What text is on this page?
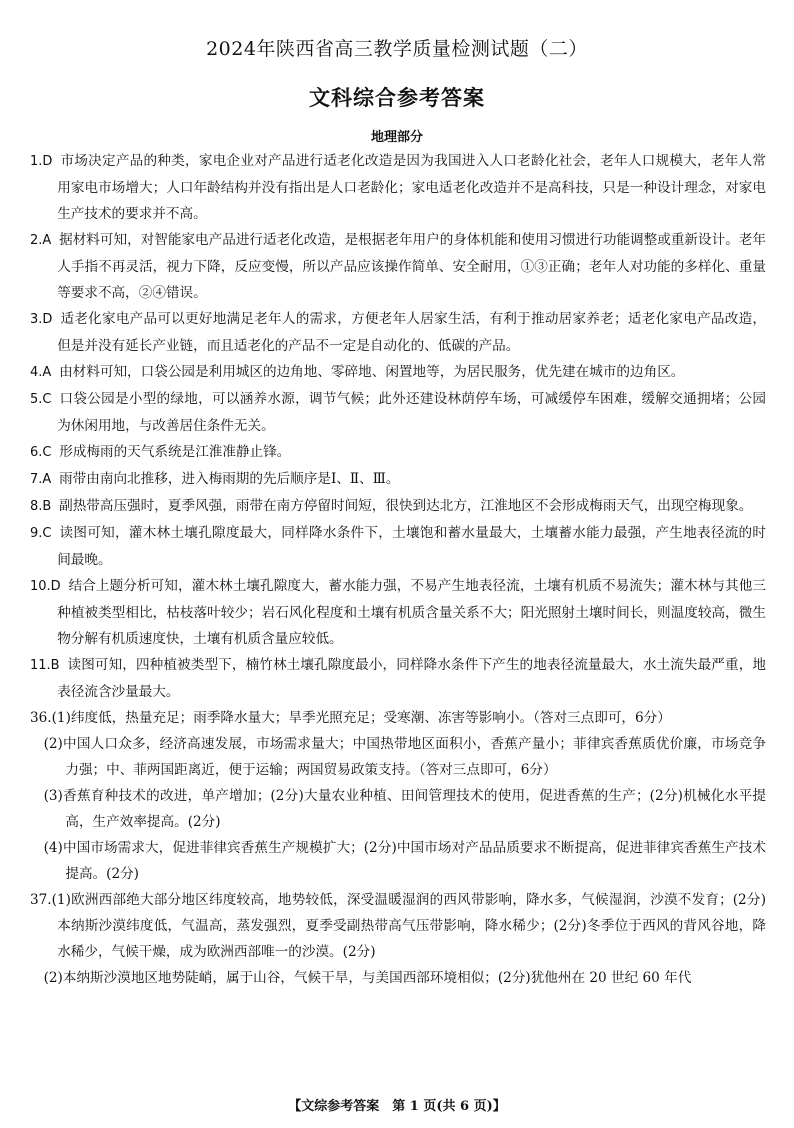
2024年陕西省高三教学质量检测试题（二）
文科综合参考答案
地理部分

1.D 市场决定产品的种类，家电企业对产品进行适老化改造是因为我国进入人口老龄化社会，老年人口规模大，老年人常用家电市场增大；人口年龄结构并没有指出是人口老龄化；家电适老化改造并不是高科技，只是一种设计理念，对家电生产技术的要求并不高。

2.A 据材料可知，对智能家电产品进行适老化改造，是根据老年用户的身体机能和使用习惯进行功能调整或重新设计。老年人手指不再灵活，视力下降，反应变慢，所以产品应该操作简单、安全耐用，①③正确；老年人对功能的多样化、重量等要求不高，②④错误。

3.D 适老化家电产品可以更好地满足老年人的需求，方便老年人居家生活，有利于推动居家养老；适老化家电产品改造，但是并没有延长产业链，而且适老化的产品不一定是自动化的、低碳的产品。

4.A 由材料可知，口袋公园是利用城区的边角地、零碎地、闲置地等，为居民服务，优先建在城市的边角区。

5.C 口袋公园是小型的绿地，可以涵养水源，调节气候；此外还建设林荫停车场，可减缓停车困难，缓解交通拥堵；公园为休闲用地，与改善居住条件无关。

6.C 形成梅雨的天气系统是江淮准静止锋。

7.A 雨带由南向北推移，进入梅雨期的先后顺序是Ⅰ、Ⅱ、Ⅲ。

8.B 副热带高压强时，夏季风强，雨带在南方停留时间短，很快到达北方，江淮地区不会形成梅雨天气，出现空梅现象。

9.C 读图可知，灌木林土壤孔隙度最大，同样降水条件下，土壤饱和蓄水量最大，土壤蓄水能力最强，产生地表径流的时间最晚。

10.D 结合上题分析可知，灌木林土壤孔隙度大，蓄水能力强，不易产生地表径流，土壤有机质不易流失；灌木林与其他三种植被类型相比，枯枝落叶较少；岩石风化程度和土壤有机质含量关系不大；阳光照射土壤时间长，则温度较高，微生物分解有机质速度快，土壤有机质含量应较低。

11.B 读图可知，四种植被类型下，楠竹林土壤孔隙度最小，同样降水条件下产生的地表径流量最大，水土流失最严重，地表径流含沙量最大。

36.(1)纬度低，热量充足；雨季降水量大；旱季光照充足；受寒潮、冻害等影响小。（答对三点即可，6分）

(2)中国人口众多，经济高速发展，市场需求量大；中国热带地区面积小，香蕉产量小；菲律宾香蕉质优价廉，市场竞争力强；中、菲两国距离近，便于运输；两国贸易政策支持。（答对三点即可，6分）

(3)香蕉育种技术的改进，单产增加；(2分)大量农业种植、田间管理技术的使用，促进香蕉的生产；(2分)机械化水平提高，生产效率提高。(2分)

(4)中国市场需求大，促进菲律宾香蕉生产规模扩大；(2分)中国市场对产品品质要求不断提高，促进菲律宾香蕉生产技术提高。(2分)

37.(1)欧洲西部绝大部分地区纬度较高，地势较低，深受温暖湿润的西风带影响，降水多，气候湿润，沙漠不发育；(2分)本纳斯沙漠纬度低，气温高，蒸发强烈，夏季受副热带高气压带影响，降水稀少；(2分)冬季位于西风的背风谷地，降水稀少，气候干燥，成为欧洲西部唯一的沙漠。(2分)

(2)本纳斯沙漠地区地势陡峭，属于山谷，气候干旱，与美国西部环境相似；(2分)犹他州在 20 世纪 60 年代

【文综参考答案　第 1 页(共 6 页)】
